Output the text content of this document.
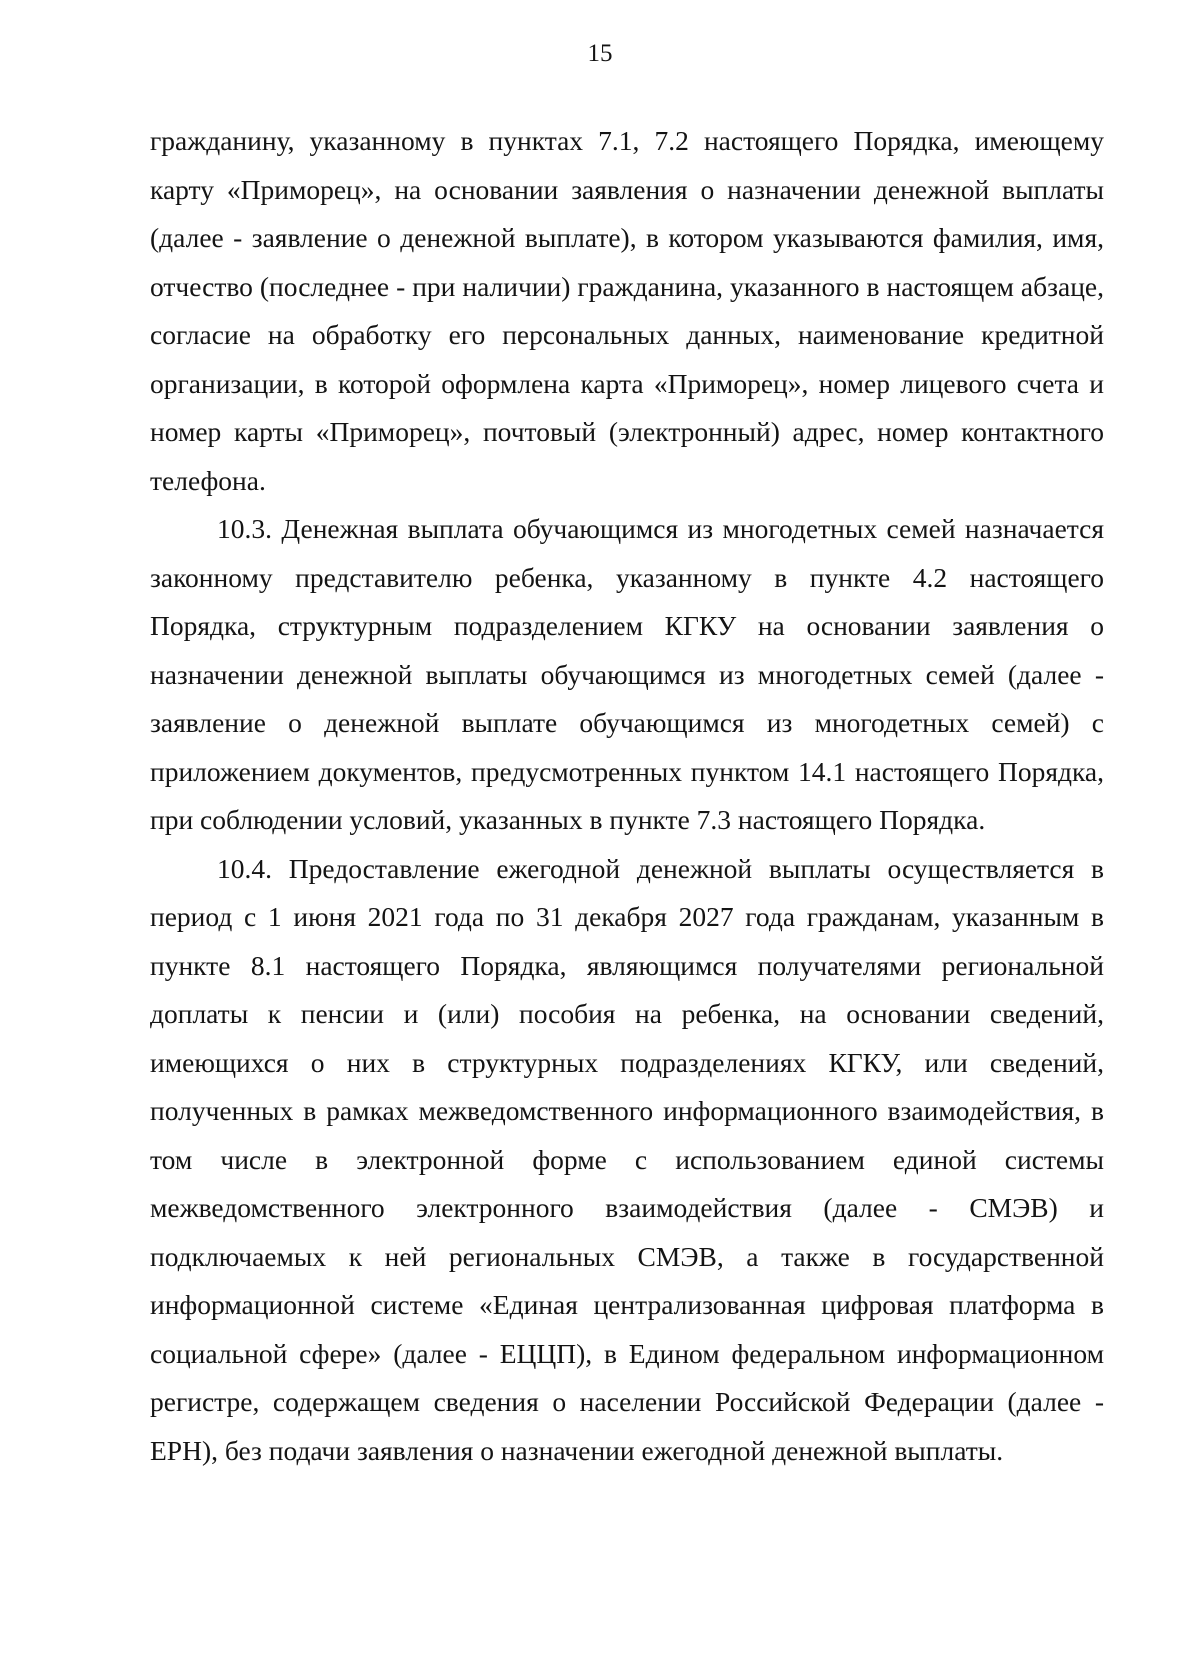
15

гражданину, указанному в пунктах 7.1, 7.2 настоящего Порядка, имеющему карту «Приморец», на основании заявления о назначении денежной выплаты (далее - заявление о денежной выплате), в котором указываются фамилия, имя, отчество (последнее - при наличии) гражданина, указанного в настоящем абзаце, согласие на обработку его персональных данных, наименование кредитной организации, в которой оформлена карта «Приморец», номер лицевого счета и номер карты «Приморец», почтовый (электронный) адрес, номер контактного телефона.

10.3. Денежная выплата обучающимся из многодетных семей назначается законному представителю ребенка, указанному в пункте 4.2 настоящего Порядка, структурным подразделением КГКУ на основании заявления о назначении денежной выплаты обучающимся из многодетных семей (далее - заявление о денежной выплате обучающимся из многодетных семей) с приложением документов, предусмотренных пунктом 14.1 настоящего Порядка, при соблюдении условий, указанных в пункте 7.3 настоящего Порядка.

10.4. Предоставление ежегодной денежной выплаты осуществляется в период с 1 июня 2021 года по 31 декабря 2027 года гражданам, указанным в пункте 8.1 настоящего Порядка, являющимся получателями региональной доплаты к пенсии и (или) пособия на ребенка, на основании сведений, имеющихся о них в структурных подразделениях КГКУ, или сведений, полученных в рамках межведомственного информационного взаимодействия, в том числе в электронной форме с использованием единой системы межведомственного электронного взаимодействия (далее - СМЭВ) и подключаемых к ней региональных СМЭВ, а также в государственной информационной системе «Единая централизованная цифровая платформа в социальной сфере» (далее - ЕЦЦП), в Едином федеральном информационном регистре, содержащем сведения о населении Российской Федерации (далее - ЕРН), без подачи заявления о назначении ежегодной денежной выплаты.
